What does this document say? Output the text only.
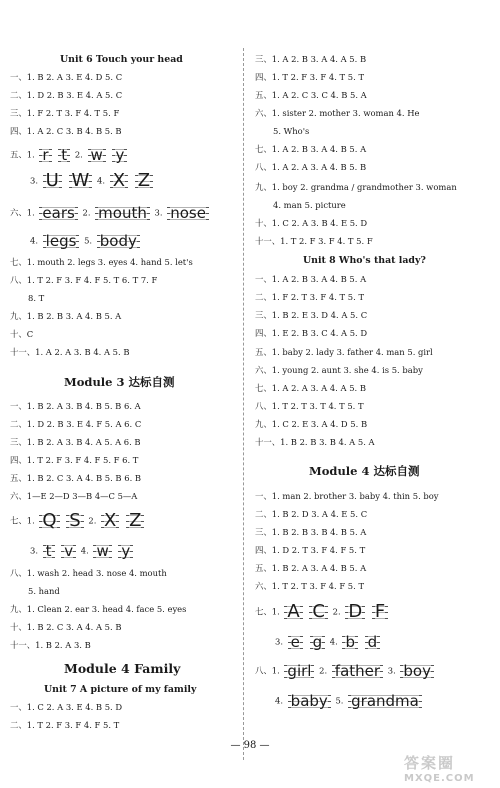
Unit 6 Touch your head
一、1. B 2. A 3. E 4. D 5. C
二、1. D 2. B 3. E 4. A 5. C
三、1. F 2. T 3. F 4. T 5. F
四、1. A 2. C 3. B 4. B 5. B
五、1. r t 2. w y
3. U W 4. X Z
六、1. ears 2. mouth 3. nose
4. legs 5. body
七、1. mouth 2. legs 3. eyes 4. hand 5. let's
八、1. T 2. F 3. F 4. F 5. T 6. T 7. F
8. T
九、1. B 2. B 3. A 4. B 5. A
十、C
十一、1. A 2. A 3. B 4. A 5. B
Module 3 达标自测
一、1. B 2. A 3. B 4. B 5. B 6. A
二、1. D 2. B 3. E 4. F 5. A 6. C
三、1. B 2. A 3. B 4. A 5. A 6. B
四、1. T 2. F 3. F 4. F 5. F 6. T
五、1. B 2. C 3. A 4. B 5. B 6. B
六、1—E 2—D 3—B 4—C 5—A
七、1. Q S 2. X Z
3. t v 4. w y
八、1. wash 2. head 3. nose 4. mouth
5. hand
九、1. Clean 2. ear 3. head 4. face 5. eyes
十、1. B 2. C 3. A 4. A 5. B
十一、1. B 2. A 3. B
Module 4 Family
Unit 7 A picture of my family
一、1. C 2. A 3. E 4. B 5. D
二、1. T 2. F 3. F 4. F 5. T
三、1. A 2. B 3. A 4. A 5. B
四、1. T 2. F 3. F 4. T 5. T
五、1. A 2. C 3. C 4. B 5. A
六、1. sister 2. mother 3. woman 4. He
5. Who's
七、1. A 2. B 3. A 4. B 5. A
八、1. A 2. A 3. A 4. B 5. B
九、1. boy 2. grandma / grandmother 3. woman
4. man 5. picture
十、1. C 2. A 3. B 4. E 5. D
十一、1. T 2. F 3. F 4. T 5. F
Unit 8 Who's that lady?
一、1. A 2. B 3. A 4. B 5. A
二、1. F 2. T 3. F 4. T 5. T
三、1. B 2. E 3. D 4. A 5. C
四、1. E 2. B 3. C 4. A 5. D
五、1. baby 2. lady 3. father 4. man 5. girl
六、1. young 2. aunt 3. she 4. is 5. baby
七、1. A 2. A 3. A 4. A 5. B
八、1. T 2. T 3. T 4. T 5. T
九、1. C 2. E 3. A 4. D 5. B
十一、1. B 2. B 3. B 4. A 5. A
Module 4 达标自测
一、1. man 2. brother 3. baby 4. thin 5. boy
二、1. B 2. D 3. A 4. E 5. C
三、1. B 2. B 3. B 4. B 5. A
四、1. D 2. T 3. F 4. F 5. T
五、1. B 2. A 3. A 4. B 5. A
六、1. T 2. T 3. F 4. F 5. T
七、1. A C 2. D F
3. e g 4. b d
八、1. girl 2. father 3. boy
4. baby 5. grandma
— 98 —
答案圈
MXQE.COM
